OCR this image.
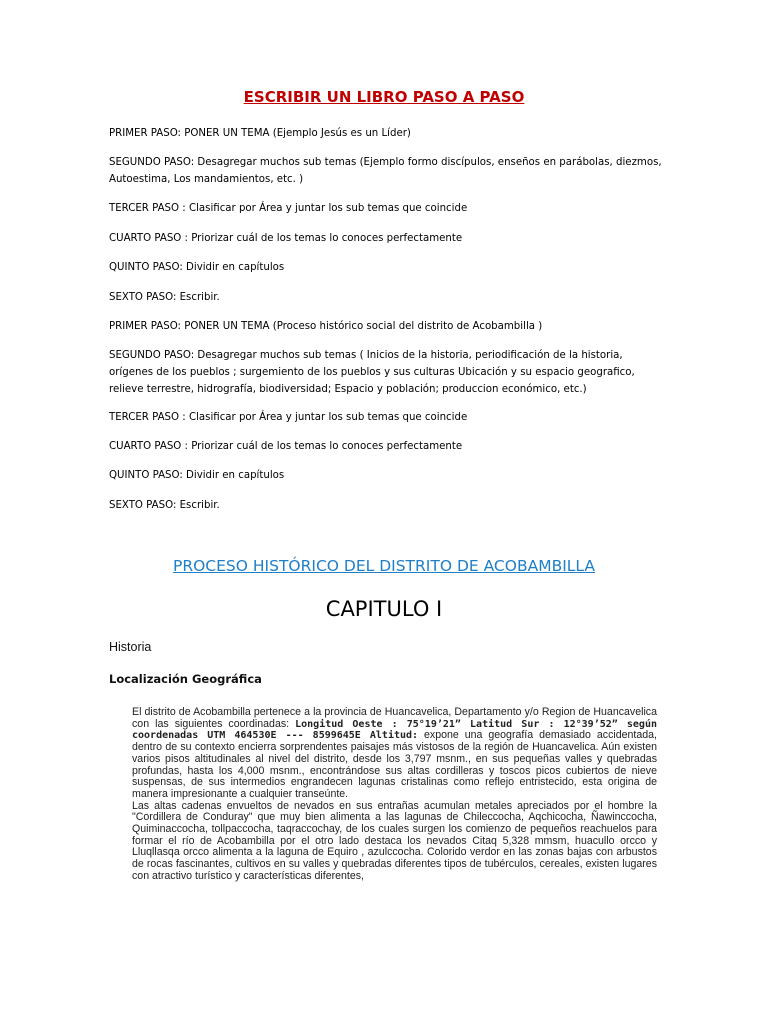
ESCRIBIR UN LIBRO PASO A PASO
PRIMER PASO: PONER UN TEMA (Ejemplo Jesús es un Líder)
SEGUNDO PASO: Desagregar muchos sub temas (Ejemplo formo discípulos, enseños en parábolas, diezmos, Autoestima, Los mandamientos, etc. )
TERCER PASO : Clasificar por Área y juntar los sub temas que coincide
CUARTO PASO : Priorizar cuál de los temas lo conoces perfectamente
QUINTO PASO: Dividir en capítulos
SEXTO PASO: Escribir.
PRIMER PASO: PONER UN TEMA (Proceso histórico social del distrito de Acobambilla )
SEGUNDO PASO: Desagregar muchos sub temas ( Inicios de la historia, periodificación de la historia, orígenes de los pueblos ; surgemiento de los pueblos y sus culturas Ubicación y su espacio geografico, relieve terrestre, hidrografía, biodiversidad; Espacio y población; produccion económico, etc.)
TERCER PASO : Clasificar por Área y juntar los sub temas que coincide
CUARTO PASO : Priorizar cuál de los temas lo conoces perfectamente
QUINTO PASO: Dividir en capítulos
SEXTO PASO: Escribir.
PROCESO HISTÓRICO DEL DISTRITO DE ACOBAMBILLA
CAPITULO I
Historia
Localización Geográfica

El distrito de Acobambilla pertenece a la provincia de Huancavelica, Departamento y/o Region de Huancavelica con las siguientes coordinadas: Longitud Oeste : 75°19’21” Latitud Sur : 12°39’52” según coordenadas UTM 464530E --- 8599645E Altitud: expone una geografía demasiado accidentada, dentro de su contexto encierra sorprendentes paisajes más vistosos de la región de Huancavelica. Aún existen varios pisos altitudinales al nivel del distrito, desde los 3,797 msnm., en sus pequeñas valles y quebradas profundas, hasta los 4,000 msnm., encontrándose sus altas cordilleras y toscos picos cubiertos de nieve suspensas, de sus intermedios engrandecen lagunas cristalinas como reflejo entristecido, esta origina de manera impresionante a cualquier transeúnte.

Las altas cadenas envueltos de nevados en sus entrañas acumulan metales apreciados por el hombre la "Cordillera de Conduray" que muy bien alimenta a las lagunas de Chileccocha, Aqchicocha, Ñawinccocha, Quiminaccocha, tollpaccocha, taqraccochay, de los cuales surgen los comienzo de pequeños reachuelos para formar el río de Acobambilla por el otro lado destaca los nevados Citaq 5,328 mmsm, huacullo orcco y Lluqllasqa orcco alimenta a la laguna de Equiro , azulccocha. Colorido verdor en las zonas bajas con arbustos de rocas fascinantes, cultivos en su valles y quebradas diferentes tipos de tubérculos, cereales, existen lugares con atractivo turístico y características diferentes,
